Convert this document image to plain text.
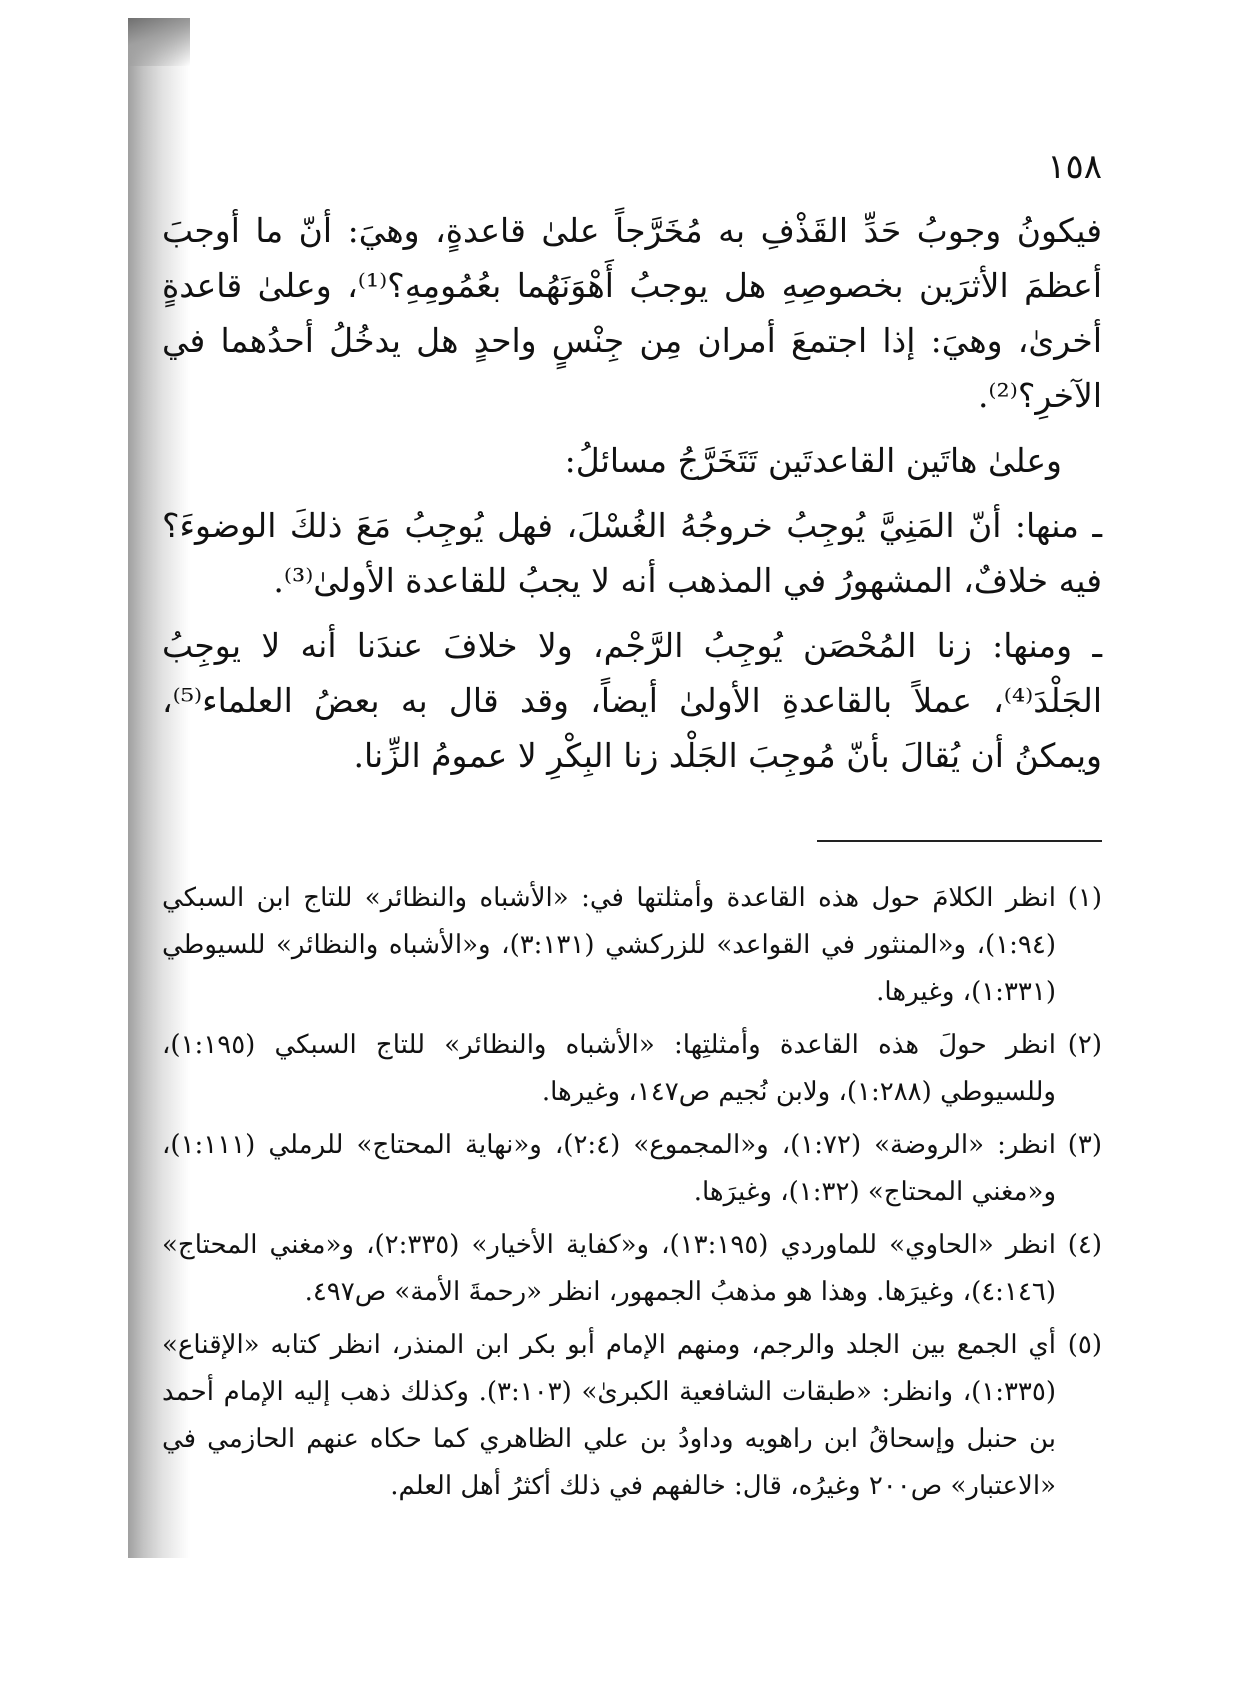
١٥٨

فيكونُ وجوبُ حَدِّ القَذْفِ به مُخَرَّجاً علىٰ قاعدةٍ، وهيَ: أنّ ما أوجبَ أعظمَ الأثرَين بخصوصِهِ هل يوجبُ أَهْوَنَهُما بعُمُومِهِ؟⁽¹⁾، وعلىٰ قاعدةٍ أخرىٰ، وهيَ: إذا اجتمعَ أمران مِن جِنْسٍ واحدٍ هل يدخُلُ أحدُهما في الآخرِ؟⁽²⁾.

وعلىٰ هاتَين القاعدتَين تَتَخَرَّجُ مسائلُ:

ـ منها: أنّ المَنِيَّ يُوجِبُ خروجُهُ الغُسْلَ، فهل يُوجِبُ مَعَ ذلكَ الوضوءَ؟ فيه خلافٌ، المشهورُ في المذهب أنه لا يجبُ للقاعدة الأولىٰ⁽³⁾.

ـ ومنها: زنا المُحْصَن يُوجِبُ الرَّجْم، ولا خلافَ عندَنا أنه لا يوجِبُ الجَلْدَ⁽⁴⁾، عملاً بالقاعدةِ الأولىٰ أيضاً، وقد قال به بعضُ العلماء⁽⁵⁾، ويمكنُ أن يُقالَ بأنّ مُوجِبَ الجَلْد زنا البِكْرِ لا عمومُ الزِّنا.

(١)انظر الكلامَ حول هذه القاعدة وأمثلتها في: «الأشباه والنظائر» للتاج ابن السبكي (١:٩٤)، و«المنثور في القواعد» للزركشي (٣:١٣١)، و«الأشباه والنظائر» للسيوطي (١:٣٣١)، وغيرها.

(٢)انظر حولَ هذه القاعدة وأمثلتِها: «الأشباه والنظائر» للتاج السبكي (١:١٩٥)، وللسيوطي (١:٢٨٨)، ولابن نُجيم ص١٤٧، وغيرها.

(٣)انظر: «الروضة» (١:٧٢)، و«المجموع» (٢:٤)، و«نهاية المحتاج» للرملي (١:١١١)، و«مغني المحتاج» (١:٣٢)، وغيرَها.

(٤)انظر «الحاوي» للماوردي (١٣:١٩٥)، و«كفاية الأخيار» (٢:٣٣٥)، و«مغني المحتاج» (٤:١٤٦)، وغيرَها. وهذا هو مذهبُ الجمهور، انظر «رحمةَ الأمة» ص٤٩٧.

(٥)أي الجمع بين الجلد والرجم، ومنهم الإمام أبو بكر ابن المنذر، انظر كتابه «الإقناع» (١:٣٣٥)، وانظر: «طبقات الشافعية الكبرىٰ» (٣:١٠٣). وكذلك ذهب إليه الإمام أحمد بن حنبل وإسحاقُ ابن راهويه وداودُ بن علي الظاهري كما حكاه عنهم الحازمي في «الاعتبار» ص٢٠٠ وغيرُه، قال: خالفهم في ذلك أكثرُ أهل العلم.
